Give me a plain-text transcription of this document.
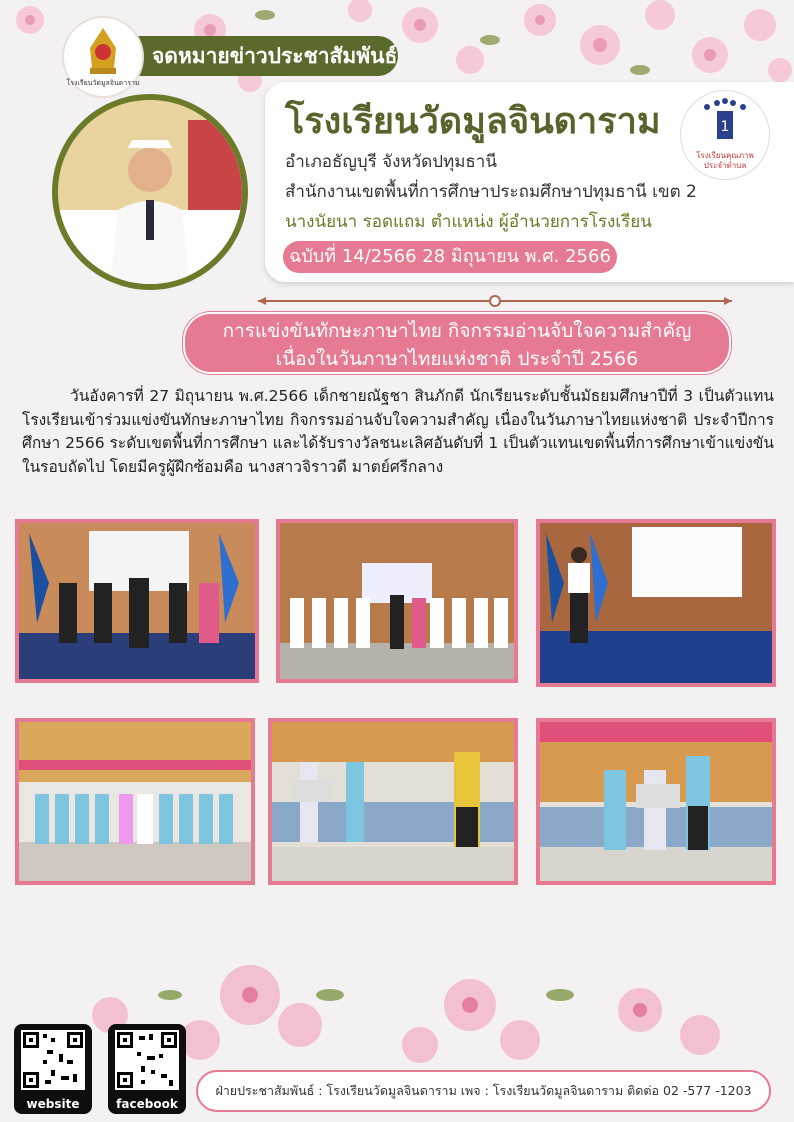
จดหมายข่าวประชาสัมพันธ์
โรงเรียนวัดมูลจินดาราม
โรงเรียนวัดมูลจินดาราม
อำเภอธัญบุรี จังหวัดปทุมธานี
สำนักงานเขตพื้นที่การศึกษาประถมศึกษาปทุมธานี เขต 2
นางนัยนา รอดแถม ตำแหน่ง ผู้อำนวยการโรงเรียน
ฉบับที่ 14/2566 28 มิถุนายน พ.ศ. 2566
1
โรงเรียนคุณภาพ ประจำตำบล
การแข่งขันทักษะภาษาไทย กิจกรรมอ่านจับใจความสำคัญ
เนื่องในวันภาษาไทยแห่งชาติ ประจำปี 2566
วันอังคารที่ 27 มิถุนายน พ.ศ.2566 เด็กชายณัฐชา สินภักดี นักเรียนระดับชั้นมัธยมศึกษาปีที่ 3 เป็นตัวแทนโรงเรียนเข้าร่วมแข่งขันทักษะภาษาไทย กิจกรรมอ่านจับใจความสำคัญ เนื่องในวันภาษาไทยแห่งชาติ ประจำปีการศึกษา 2566 ระดับเขตพื้นที่การศึกษา และได้รับรางวัลชนะเลิศอันดับที่ 1 เป็นตัวแทนเขตพื้นที่การศึกษาเข้าแข่งขันในรอบถัดไป โดยมีครูผู้ฝึกซ้อมคือ นางสาวจิราวดี มาตย์ศรีกลาง
website	facebook
ฝ่ายประชาสัมพันธ์ : โรงเรียนวัดมูลจินดาราม เพจ : โรงเรียนวัดมูลจินดาราม ติดต่อ 02 -577 -1203
